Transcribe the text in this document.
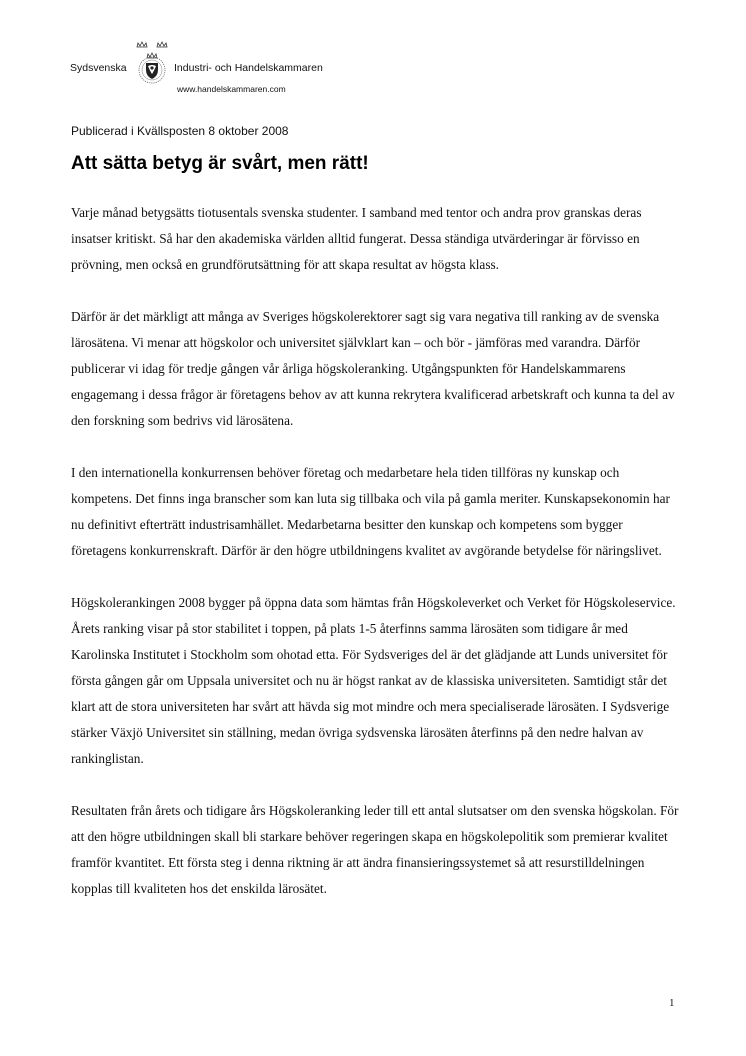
Sydsvenska	Industri- och Handelskammaren
www.handelskammaren.com
Publicerad i Kvällsposten 8 oktober 2008
Att sätta betyg är svårt, men rätt!

Varje månad betygsätts tiotusentals svenska studenter. I samband med tentor och andra prov granskas deras insatser kritiskt. Så har den akademiska världen alltid fungerat. Dessa ständiga utvärderingar är förvisso en prövning, men också en grundförutsättning för att skapa resultat av högsta klass.

Därför är det märkligt att många av Sveriges högskolerektorer sagt sig vara negativa till ranking av de svenska lärosätena. Vi menar att högskolor och universitet självklart kan – och bör - jämföras med varandra. Därför publicerar vi idag för tredje gången vår årliga högskoleranking. Utgångspunkten för Handelskammarens engagemang i dessa frågor är företagens behov av att kunna rekrytera kvalificerad arbetskraft och kunna ta del av den forskning som bedrivs vid lärosätena.

I den internationella konkurrensen behöver företag och medarbetare hela tiden tillföras ny kunskap och kompetens. Det finns inga branscher som kan luta sig tillbaka och vila på gamla meriter. Kunskapsekonomin har nu definitivt efterträtt industrisamhället. Medarbetarna besitter den kunskap och kompetens som bygger företagens konkurrenskraft. Därför är den högre utbildningens kvalitet av avgörande betydelse för näringslivet.

Högskolerankingen 2008 bygger på öppna data som hämtas från Högskoleverket och Verket för Högskoleservice. Årets ranking visar på stor stabilitet i toppen, på plats 1-5 återfinns samma lärosäten som tidigare år med Karolinska Institutet i Stockholm som ohotad etta. För Sydsveriges del är det glädjande att Lunds universitet för första gången går om Uppsala universitet och nu är högst rankat av de klassiska universiteten. Samtidigt står det klart att de stora universiteten har svårt att hävda sig mot mindre och mera specialiserade lärosäten. I Sydsverige stärker Växjö Universitet sin ställning, medan övriga sydsvenska lärosäten återfinns på den nedre halvan av rankinglistan.

Resultaten från årets och tidigare års Högskoleranking leder till ett antal slutsatser om den svenska högskolan. För att den högre utbildningen skall bli starkare behöver regeringen skapa en högskolepolitik som premierar kvalitet framför kvantitet. Ett första steg i denna riktning är att ändra finansieringssystemet så att resurstilldelningen kopplas till kvaliteten hos det enskilda lärosätet.

1
